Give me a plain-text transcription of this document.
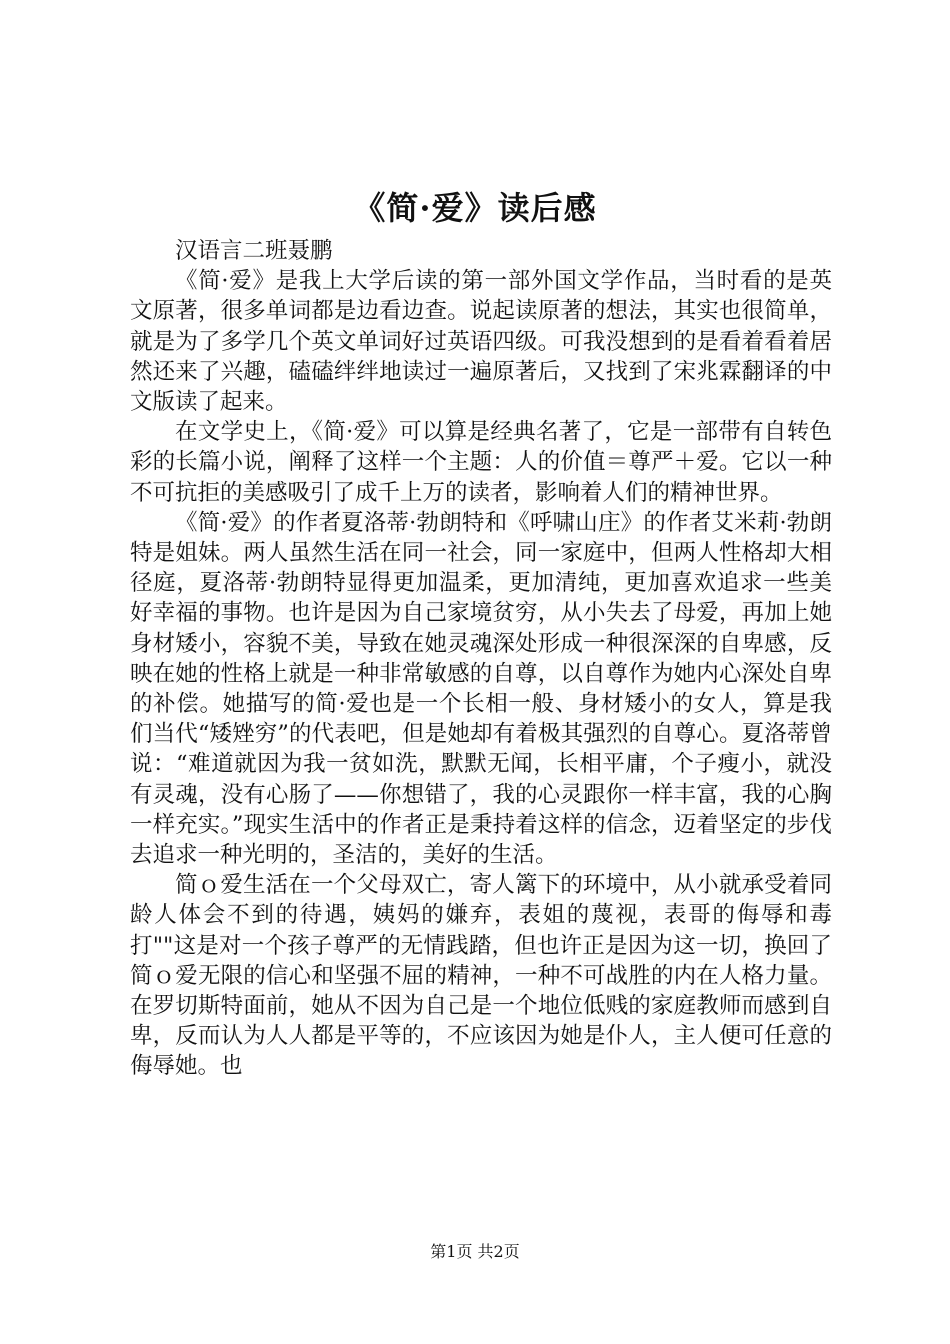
《简·爱》读后感

汉语言二班聂鹏

《简·爱》是我上大学后读的第一部外国文学作品，当时看的是英文原著，很多单词都是边看边查。说起读原著的想法，其实也很简单，就是为了多学几个英文单词好过英语四级。可我没想到的是看着看着居然还来了兴趣，磕磕绊绊地读过一遍原著后，又找到了宋兆霖翻译的中文版读了起来。

在文学史上，《简·爱》可以算是经典名著了，它是一部带有自转色彩的长篇小说，阐释了这样一个主题：人的价值＝尊严＋爱。它以一种不可抗拒的美感吸引了成千上万的读者，影响着人们的精神世界。

《简·爱》的作者夏洛蒂·勃朗特和《呼啸山庄》的作者艾米莉·勃朗特是姐妹。两人虽然生活在同一社会，同一家庭中，但两人性格却大相径庭，夏洛蒂·勃朗特显得更加温柔，更加清纯，更加喜欢追求一些美好幸福的事物。也许是因为自己家境贫穷，从小失去了母爱，再加上她身材矮小，容貌不美，导致在她灵魂深处形成一种很深深的自卑感，反映在她的性格上就是一种非常敏感的自尊，以自尊作为她内心深处自卑的补偿。她描写的简·爱也是一个长相一般、身材矮小的女人，算是我们当代“矮矬穷”的代表吧，但是她却有着极其强烈的自尊心。夏洛蒂曾说：“难道就因为我一贫如洗，默默无闻，长相平庸，个子瘦小，就没有灵魂，没有心肠了——你想错了，我的心灵跟你一样丰富，我的心胸一样充实。”现实生活中的作者正是秉持着这样的信念，迈着坚定的步伐去追求一种光明的，圣洁的，美好的生活。

简ｏ爱生活在一个父母双亡，寄人篱下的环境中，从小就承受着同龄人体会不到的待遇，姨妈的嫌弃，表姐的蔑视，表哥的侮辱和毒打""这是对一个孩子尊严的无情践踏，但也许正是因为这一切，换回了简ｏ爱无限的信心和坚强不屈的精神，一种不可战胜的内在人格力量。在罗切斯特面前，她从不因为自己是一个地位低贱的家庭教师而感到自卑，反而认为人人都是平等的，不应该因为她是仆人，主人便可任意的侮辱她。也

第1页 共2页
